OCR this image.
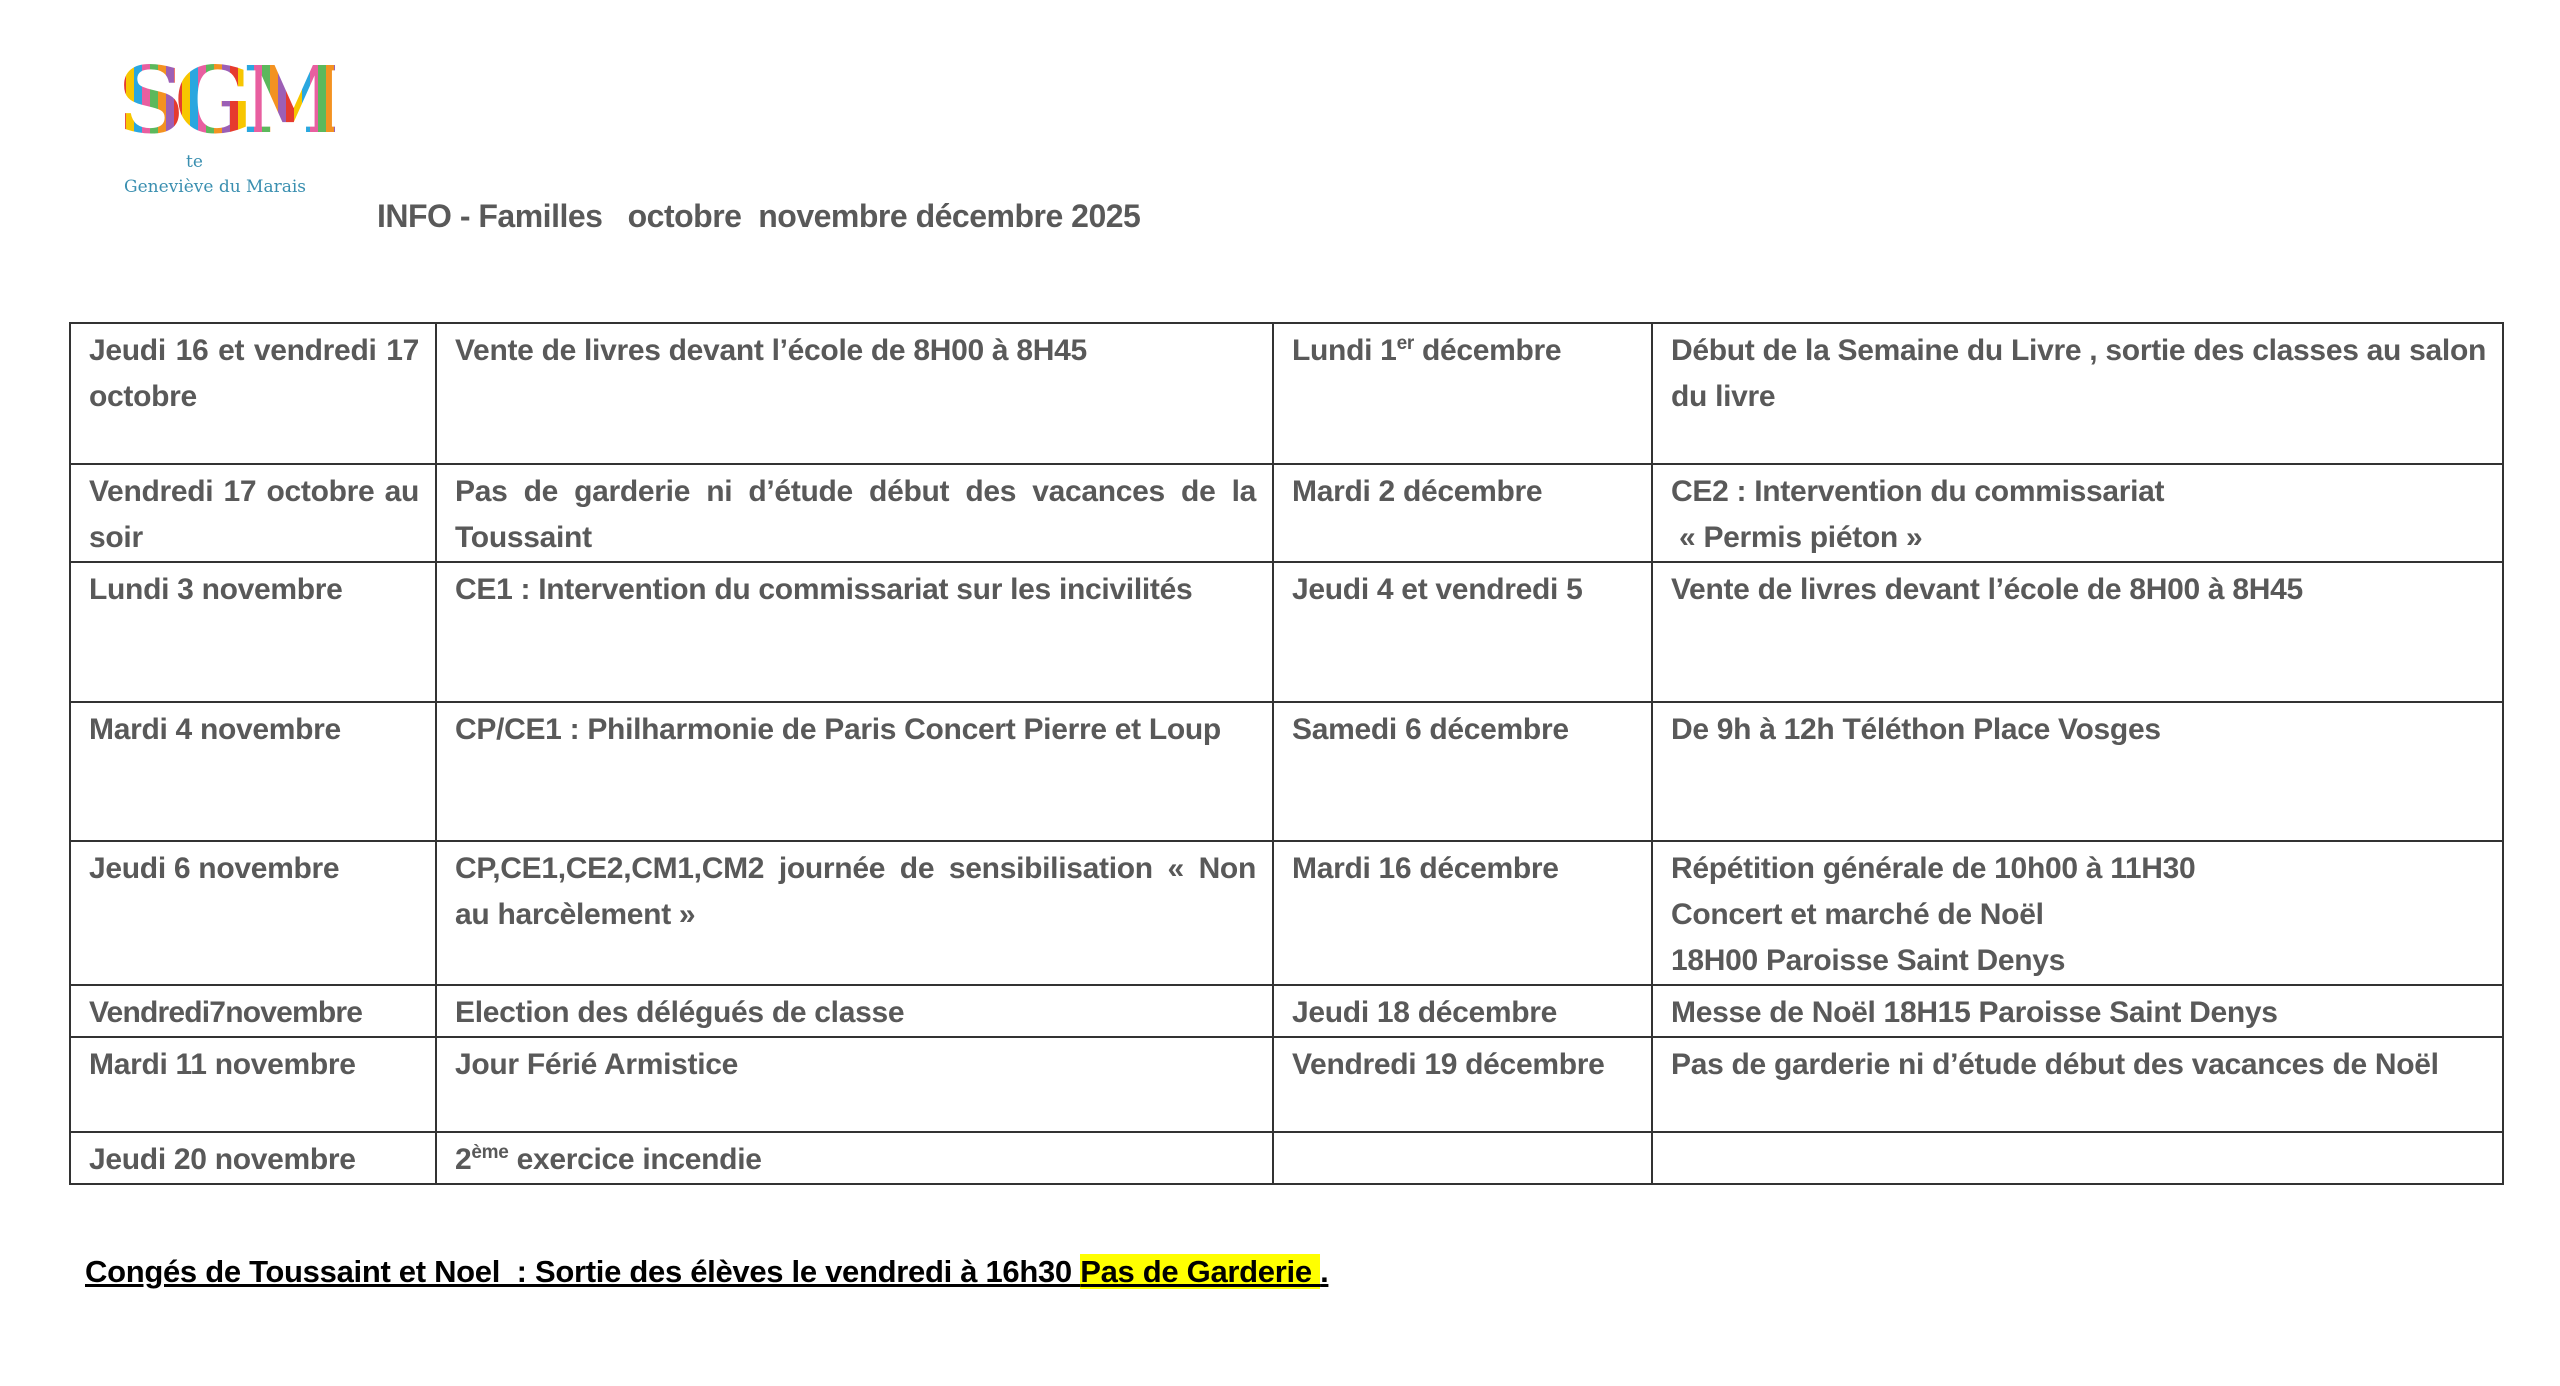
SGM
te
Geneviève du Marais
INFO - Familles   octobre  novembre décembre 2025
Jeudi 16 et vendredi 17 octobre	Vente de livres devant l’école de 8H00 à 8H45	Lundi 1er décembre	Début de la Semaine du Livre , sortie des classes au salon du livre
Vendredi 17 octobre au soir	Pas de garderie ni d’étude début des vacances de la Toussaint	Mardi 2 décembre	CE2 : Intervention du commissariat
« Permis piéton »

Lundi 3 novembre	CE1 : Intervention du commissariat sur les incivilités	Jeudi 4 et vendredi 5	Vente de livres devant l’école de 8H00 à 8H45
Mardi 4 novembre	CP/CE1 : Philharmonie de Paris Concert Pierre et Loup	Samedi 6 décembre	De 9h à 12h Téléthon Place Vosges
Jeudi 6 novembre	CP,CE1,CE2,CM1,CM2 journée de sensibilisation « Non au harcèlement »	Mardi 16 décembre	Répétition générale de 10h00 à 11H30
Concert et marché de Noël
18H00 Paroisse Saint Denys

Vendredi7novembre	Election des délégués de classe	Jeudi 18 décembre	Messe de Noël 18H15 Paroisse Saint Denys
Mardi 11 novembre	Jour Férié Armistice	Vendredi 19 décembre	Pas de garderie ni d’étude début des vacances de Noël
Jeudi 20 novembre	2ème exercice incendie		
Congés de Toussaint et Noel  : Sortie des élèves le vendredi à 16h30 Pas de Garderie .
